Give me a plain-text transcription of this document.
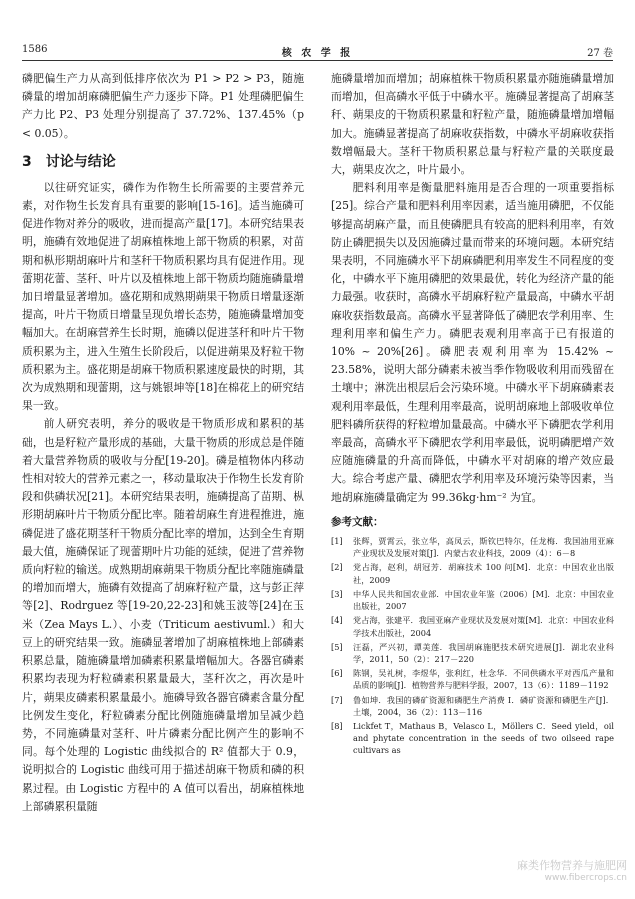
1586	核 农 学 报	27 卷

磷肥偏生产力从高到低排序依次为 P1 > P2 > P3，随施磷量的增加胡麻磷肥偏生产力逐步下降。P1 处理磷肥偏生产力比 P2、P3 处理分别提高了 37.72%、137.45%（p < 0.05）。

3 讨论与结论

以往研究证实，磷作为作物生长所需要的主要营养元素，对作物生长发育具有重要的影响[15-16]。适当施磷可促进作物对养分的吸收，进而提高产量[17]。本研究结果表明，施磷有效地促进了胡麻植株地上部干物质的积累，对苗期和枞形期胡麻叶片和茎秆干物质积累均具有促进作用。现蕾期花蕾、茎秆、叶片以及植株地上部干物质均随施磷量增加日增量显著增加。盛花期和成熟期蒴果干物质日增量逐渐提高，叶片干物质日增量呈现负增长态势，随施磷量增加变幅加大。在胡麻营养生长时期，施磷以促进茎秆和叶片干物质积累为主，进入生殖生长阶段后，以促进蒴果及籽粒干物质积累为主。盛花期是胡麻干物质积累速度最快的时期，其次为成熟期和现蕾期，这与姚银坤等[18]在棉花上的研究结果一致。

前人研究表明，养分的吸收是干物质形成和累积的基础，也是籽粒产量形成的基础，大量干物质的形成总是伴随着大量营养物质的吸收与分配[19-20]。磷是植物体内移动性相对较大的营养元素之一，移动量取决于作物生长发育阶段和供磷状况[21]。本研究结果表明，施磷提高了苗期、枞形期胡麻叶片干物质分配比率。随着胡麻生育进程推进，施磷促进了盛花期茎秆干物质分配比率的增加，达到全生育期最大值，施磷保证了现蕾期叶片功能的延续，促进了营养物质向籽粒的输送。成熟期胡麻蒴果干物质分配比率随施磷量的增加而增大，施磷有效提高了胡麻籽粒产量，这与彭正萍等[2]、Rodrguez 等[19-20,22-23]和姚玉波等[24]在玉米（Zea Mays L.）、小麦（Triticum aestivuml.）和大豆上的研究结果一致。施磷显著增加了胡麻植株地上部磷素积累总量，随施磷量增加磷素积累量增幅加大。各器官磷素积累均表现为籽粒磷素积累量最大，茎秆次之，再次是叶片，蒴果皮磷素积累量最小。施磷导致各器官磷素含量分配比例发生变化，籽粒磷素分配比例随施磷量增加呈减少趋势，不同施磷量对茎秆、叶片磷素分配比例产生的影响不同。每个处理的 Logistic 曲线拟合的 R² 值都大于 0.9，说明拟合的 Logistic 曲线可用于描述胡麻干物质和磷的积累过程。由 Logistic 方程中的 A 值可以看出，胡麻植株地上部磷累积量随

施磷量增加而增加；胡麻植株干物质积累量亦随施磷量增加而增加，但高磷水平低于中磷水平。施磷显著提高了胡麻茎秆、蒴果皮的干物质积累量和籽粒产量，随施磷量增加增幅加大。施磷显著提高了胡麻收获指数，中磷水平胡麻收获指数增幅最大。茎秆干物质积累总量与籽粒产量的关联度最大，蒴果皮次之，叶片最小。

肥料利用率是衡量肥料施用是否合理的一项重要指标[25]。综合产量和肥料利用率因素，适当施用磷肥，不仅能够提高胡麻产量，而且使磷肥具有较高的肥料利用率，有效防止磷肥损失以及因施磷过量而带来的环境问题。本研究结果表明，不同施磷水平下胡麻磷肥利用率发生不同程度的变化，中磷水平下施用磷肥的效果最优，转化为经济产量的能力最强。收获时，高磷水平胡麻籽粒产量最高，中磷水平胡麻收获指数最高。高磷水平显著降低了磷肥农学利用率、生理利用率和偏生产力。磷肥表观利用率高于已有报道的 10% ~ 20%[26]。磷肥表观利用率为 15.42% ~ 23.58%，说明大部分磷素未被当季作物吸收利用而残留在土壤中；淋洗出根层后会污染环境。中磷水平下胡麻磷素表观利用率最低，生理利用率最高，说明胡麻地上部吸收单位肥料磷所获得的籽粒增加量最高。中磷水平下磷肥农学利用率最高，高磷水平下磷肥农学利用率最低，说明磷肥增产效应随施磷量的升高而降低，中磷水平对胡麻的增产效应最大。综合考虑产量、磷肥农学利用率及环境污染等因素，当地胡麻施磷量确定为 99.36kg·hm⁻² 为宜。

参考文献：
[1]	张辉，贾霄云，张立华，高凤云，斯钦巴特尔，任龙梅．我国油用亚麻产业现状及发展对策[J]．内蒙古农业科技，2009（4）：6－8
[2]	党占海，赵利，胡冠芳．胡麻技术 100 问[M]．北京：中国农业出版社，2009
[3]	中华人民共和国农业部．中国农业年鉴（2006）[M]．北京：中国农业出版社，2007
[4]	党占海，张建平．我国亚麻产业现状及发展对策[M]．北京：中国农业科学技术出版社，2004
[5]	汪磊，严兴初，谭美莲．我国胡麻施肥技术研究进展[J]．湖北农业科学，2011，50（2）：217－220
[6]	陈钢，吴礼树，李煜华，张利红，杜念华．不同供磷水平对西瓜产量和品质的影响[J]．植物营养与肥料学报，2007，13（6）：1189－1192
[7]	鲁如坤．我国的磷矿资源和磷肥生产消费 I．磷矿资源和磷肥生产[J]．土壤，2004，36（2）：113－116
[8]	Lickfet T，Mathaus B，Velasco L，Möllers C．Seed yield，oil and phytate concentration in the seeds of two oilseed rape cultivars as
麻类作物营养与施肥网
www.fibercrops.cn
